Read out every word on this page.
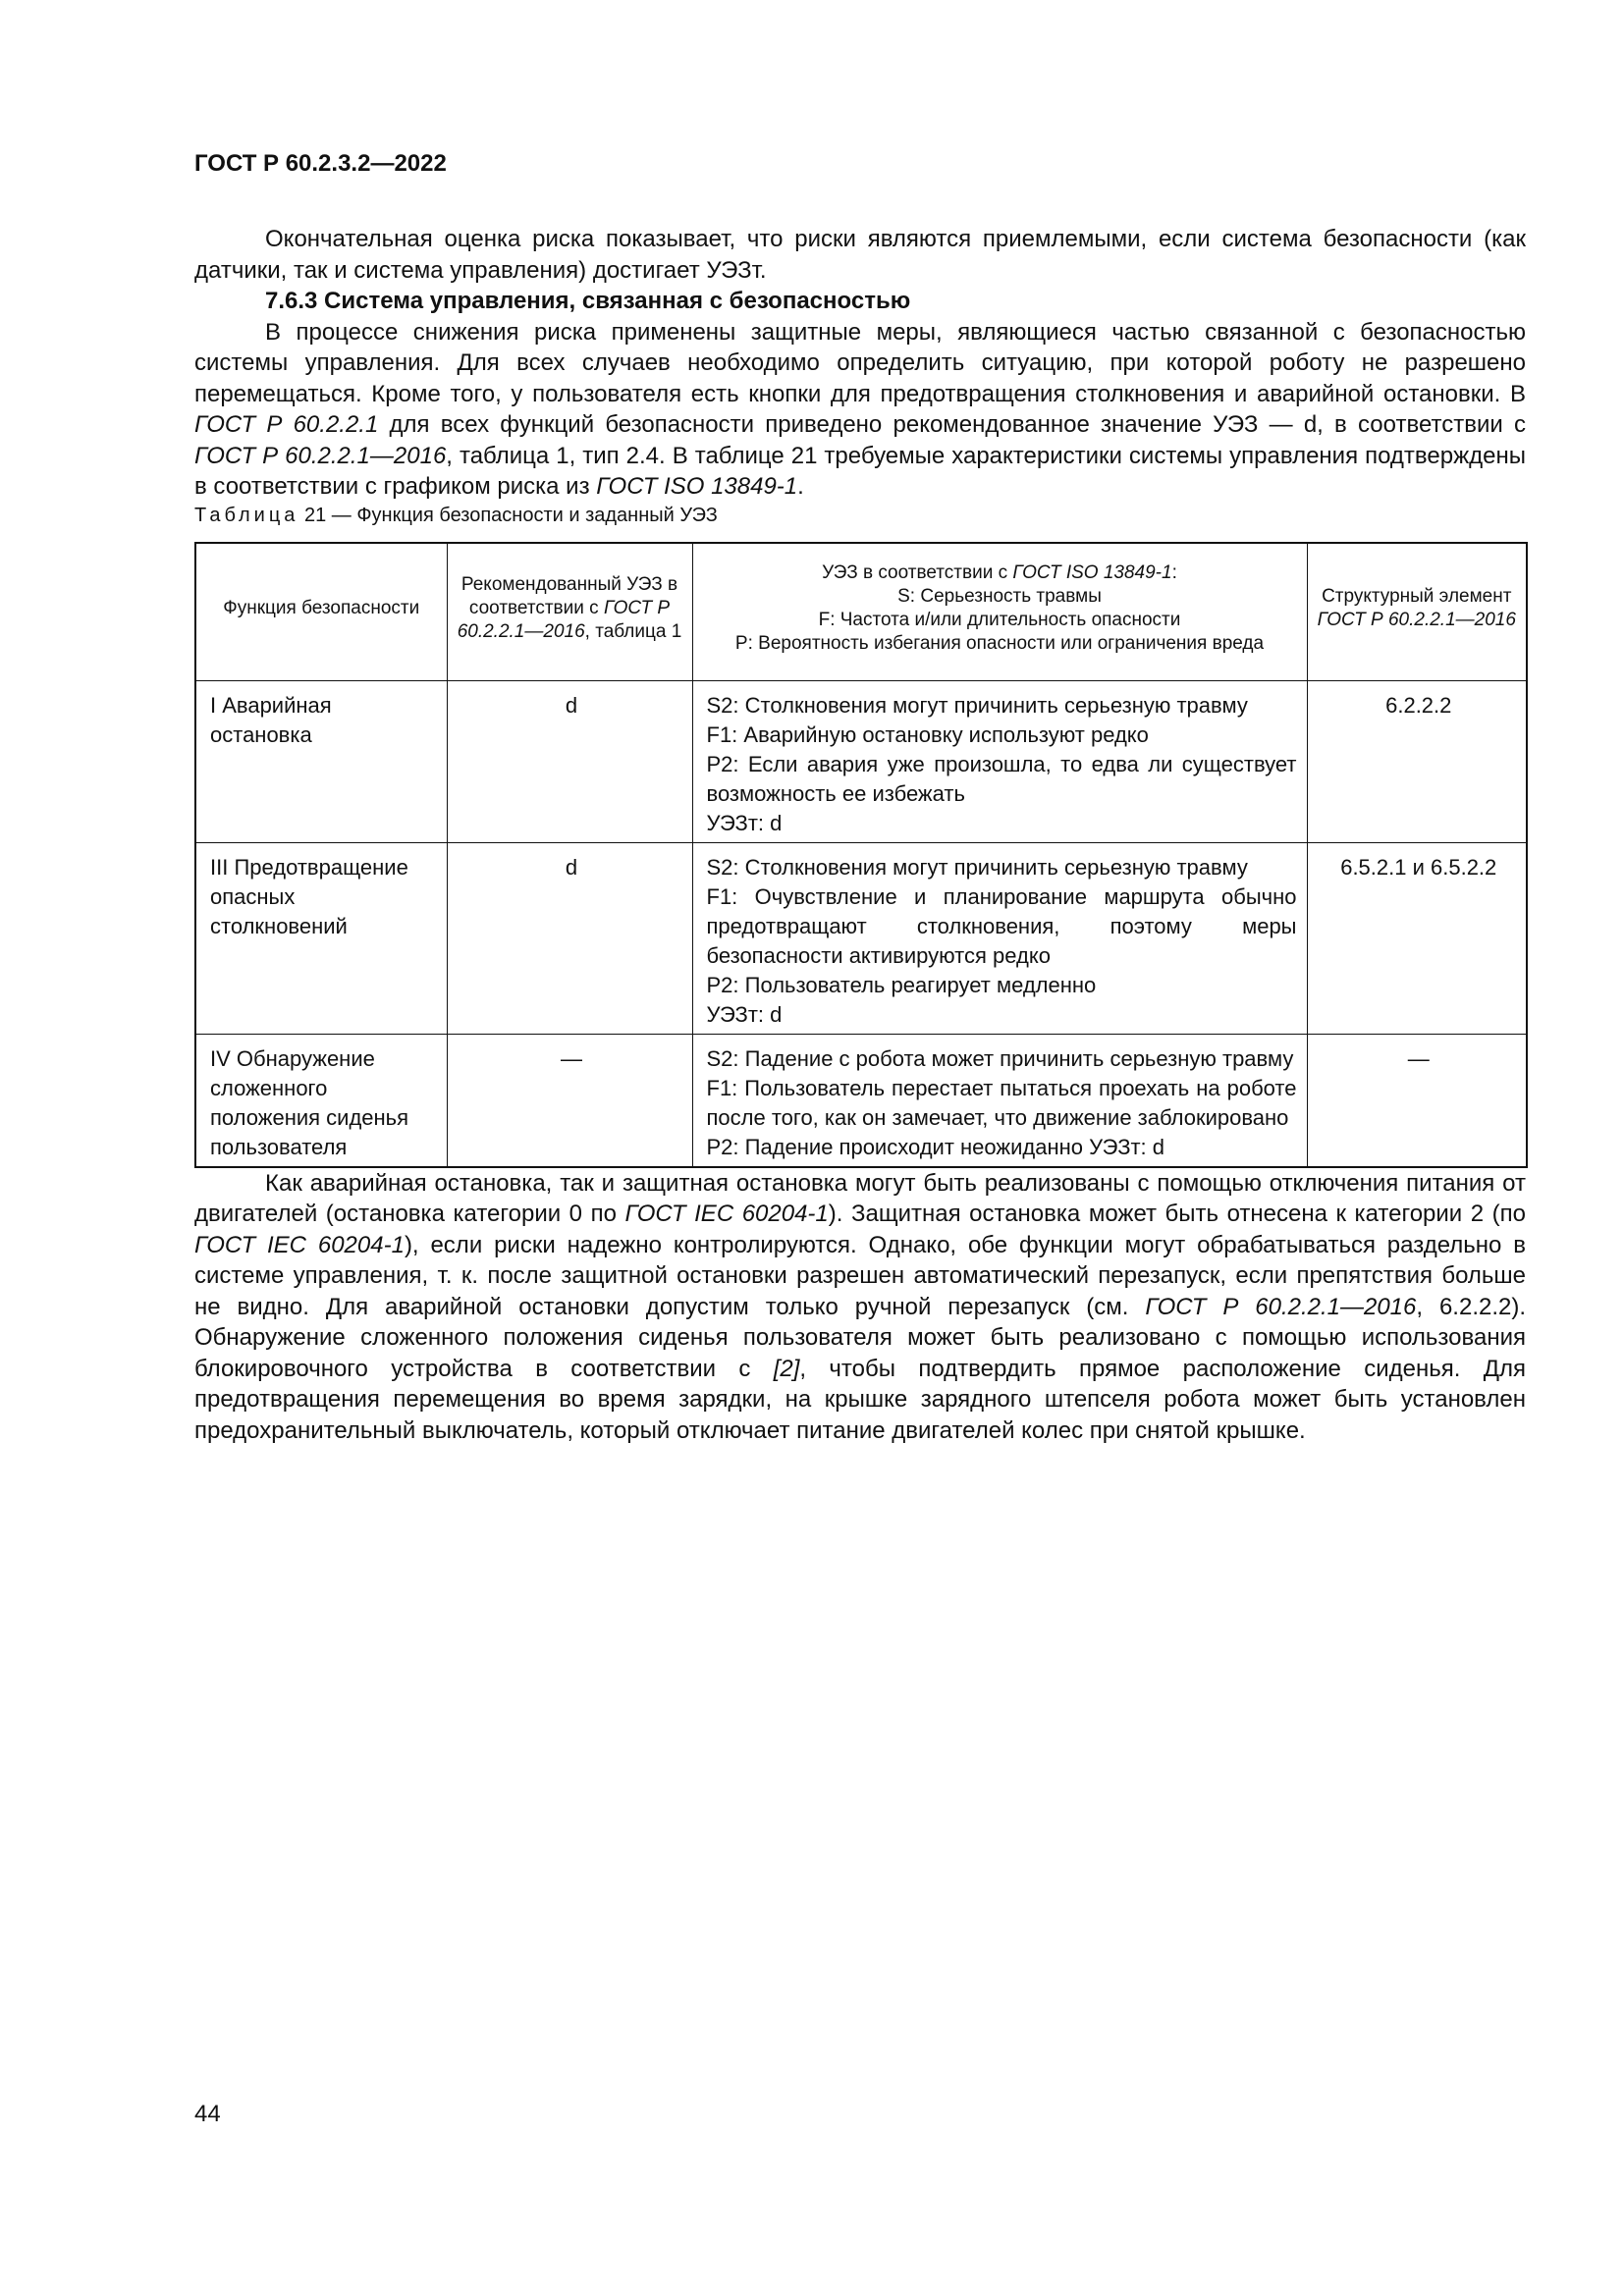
ГОСТ Р 60.2.3.2—2022

Окончательная оценка риска показывает, что риски являются приемлемыми, если система безопасности (как датчики, так и система управления) достигает УЭЗт.

7.6.3 Система управления, связанная с безопасностью

В процессе снижения риска применены защитные меры, являющиеся частью связанной с безопасностью системы управления. Для всех случаев необходимо определить ситуацию, при которой роботу не разрешено перемещаться. Кроме того, у пользователя есть кнопки для предотвращения столкновения и аварийной остановки. В ГОСТ Р 60.2.2.1 для всех функций безопасности приведено рекомендованное значение УЭЗ — d, в соответствии с ГОСТ Р 60.2.2.1—2016, таблица 1, тип 2.4. В таблице 21 требуемые характеристики системы управления подтверждены в соответствии с графиком риска из ГОСТ ISO 13849-1.

Таблица 21 — Функция безопасности и заданный УЭЗ

Функция безопасности	Рекомендованный УЭЗ в соответствии с ГОСТ Р 60.2.2.1—2016, таблица 1	УЭЗ в соответствии с ГОСТ ISO 13849-1:
S: Серьезность травмы
F: Частота и/или длительность опасности
P: Вероятность избегания опасности или ограничения вреда	Структурный элемент ГОСТ Р 60.2.2.1—2016
I Аварийная остановка	d	S2: Столкновения могут причинить серьезную травму
F1: Аварийную остановку используют редко
P2: Если авария уже произошла, то едва ли существует возможность ее избежать
УЭЗт: d	6.2.2.2
III Предотвращение опасных столкновений	d	S2: Столкновения могут причинить серьезную травму
F1: Очувствление и планирование маршрута обычно предотвращают столкновения, поэтому меры безопасности активируются редко
P2: Пользователь реагирует медленно
УЭЗт: d	6.5.2.1 и 6.5.2.2
IV Обнаружение сложенного положения сиденья пользователя	—	S2: Падение с робота может причинить серьезную травму
F1: Пользователь перестает пытаться проехать на роботе после того, как он замечает, что движение заблокировано
P2: Падение происходит неожиданно УЭЗт: d	—

Как аварийная остановка, так и защитная остановка могут быть реализованы с помощью отключения питания от двигателей (остановка категории 0 по ГОСТ IEC 60204-1). Защитная остановка может быть отнесена к категории 2 (по ГОСТ IEC 60204-1), если риски надежно контролируются. Однако, обе функции могут обрабатываться раздельно в системе управления, т. к. после защитной остановки разрешен автоматический перезапуск, если препятствия больше не видно. Для аварийной остановки допустим только ручной перезапуск (см. ГОСТ Р 60.2.2.1—2016, 6.2.2.2). Обнаружение сложенного положения сиденья пользователя может быть реализовано с помощью использования блокировочного устройства в соответствии с [2], чтобы подтвердить прямое расположение сиденья. Для предотвращения перемещения во время зарядки, на крышке зарядного штепселя робота может быть установлен предохранительный выключатель, который отключает питание двигателей колес при снятой крышке.

44
